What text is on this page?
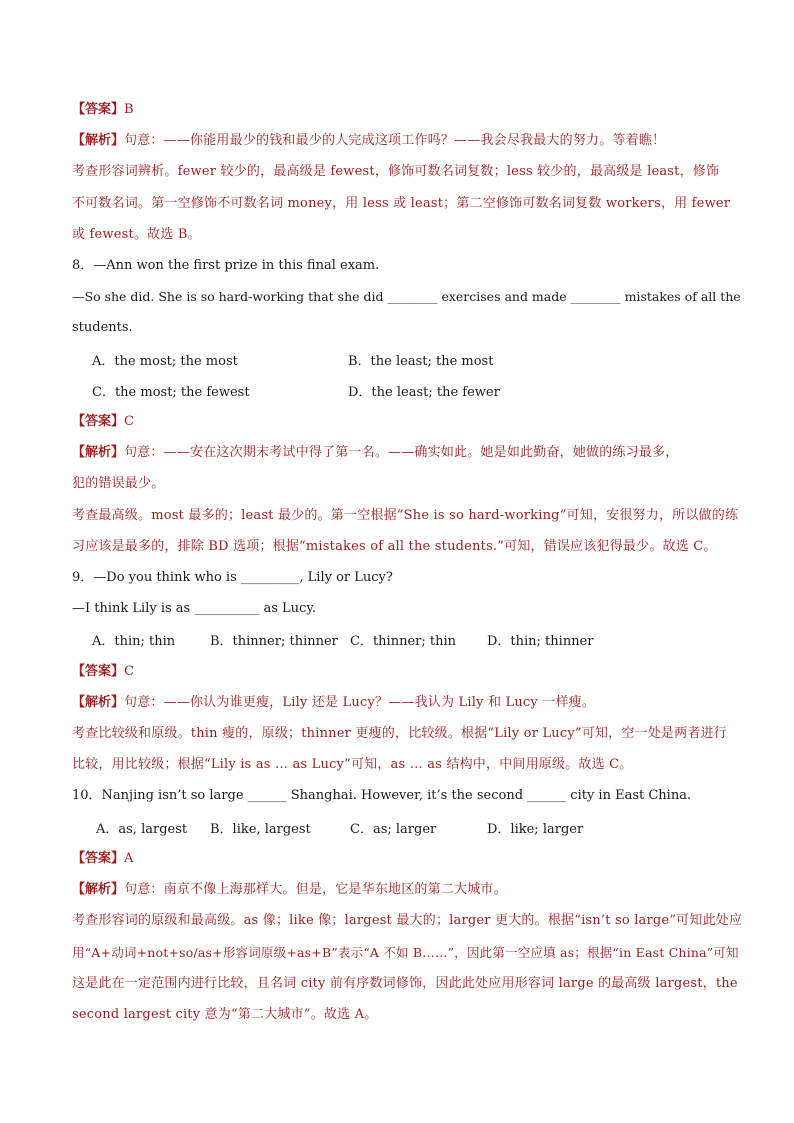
【答案】B
【解析】句意：——你能用最少的钱和最少的人完成这项工作吗？——我会尽我最大的努力。等着瞧！
考查形容词辨析。fewer 较少的，最高级是 fewest，修饰可数名词复数；less 较少的，最高级是 least，修饰
不可数名词。第一空修饰不可数名词 money，用 less 或 least；第二空修饰可数名词复数 workers，用 fewer
或 fewest。故选 B。
8．—Ann won the first prize in this final exam.
—So she did. She is so hard-working that she did ________ exercises and made ________ mistakes of all the
students.
A．the most; the most	B．the least; the most
C．the most; the fewest	D．the least; the fewer
【答案】C
【解析】句意：——安在这次期末考试中得了第一名。——确实如此。她是如此勤奋，她做的练习最多，
犯的错误最少。
考查最高级。most 最多的；least 最少的。第一空根据“She is so hard-working”可知，安很努力，所以做的练
习应该是最多的，排除 BD 选项；根据“mistakes of all the students.”可知，错误应该犯得最少。故选 C。
9．—Do you think who is _________, Lily or Lucy?
—I think Lily is as __________ as Lucy.
A．thin; thin	B．thinner; thinner C．thinner; thin D．thin; thinner
【答案】C
【解析】句意：——你认为谁更瘦，Lily 还是 Lucy？——我认为 Lily 和 Lucy 一样瘦。
考查比较级和原级。thin 瘦的，原级；thinner 更瘦的，比较级。根据“Lily or Lucy”可知，空一处是两者进行
比较，用比较级；根据“Lily is as … as Lucy”可知，as … as 结构中，中间用原级。故选 C。
10．Nanjing isn’t so large ______ Shanghai. However, it’s the second ______ city in East China.
A．as, largest B．like, largest	C．as; larger	D．like; larger
【答案】A
【解析】句意：南京不像上海那样大。但是，它是华东地区的第二大城市。
考查形容词的原级和最高级。as 像；like 像；largest 最大的；larger 更大的。根据“isn’t so large”可知此处应
用“A+动词+not+so/as+形容词原级+as+B”表示“A 不如 B……”，因此第一空应填 as；根据“in East China”可知
这是此在一定范围内进行比较，且名词 city 前有序数词修饰，因此此处应用形容词 large 的最高级 largest，the
second largest city 意为“第二大城市”。故选 A。
